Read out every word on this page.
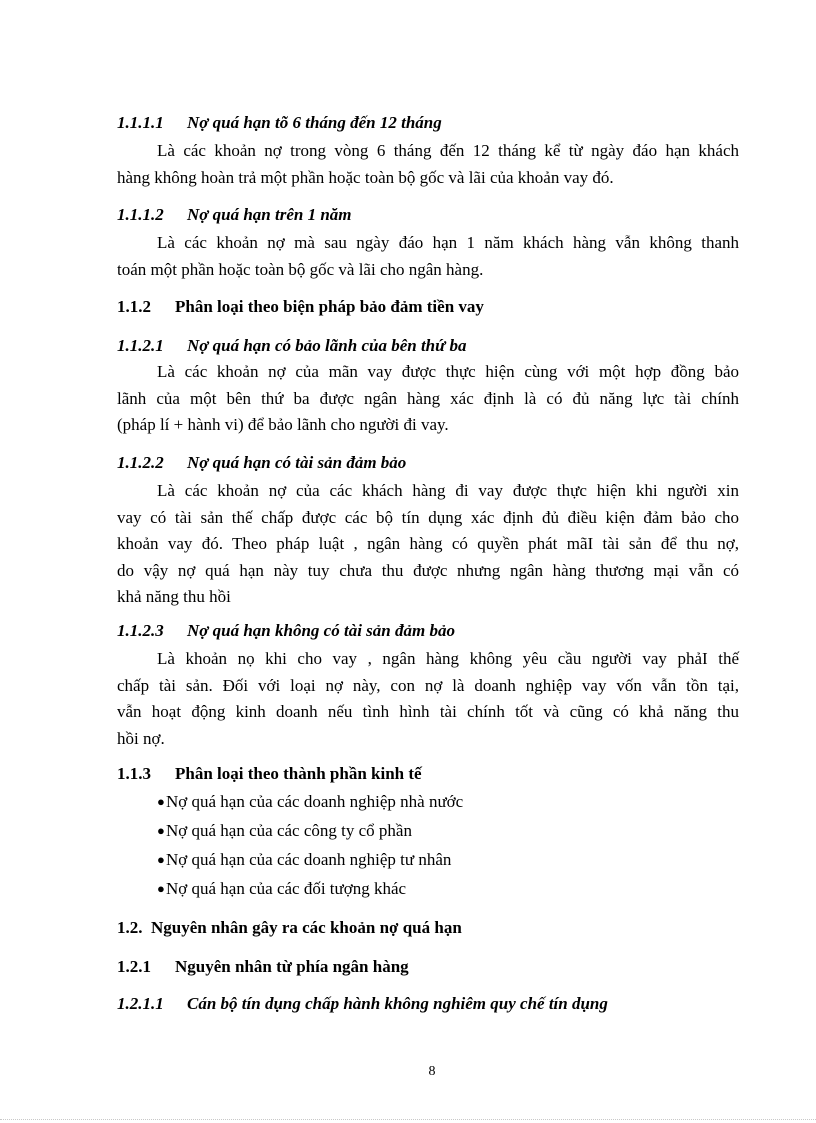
1.1.1.1 Nợ quá hạn tõ 6 tháng đến 12 tháng
Là các khoản nợ trong vòng 6 tháng đến 12 tháng kể từ ngày đáo hạn khách
hàng không hoàn trả một phần hoặc toàn bộ gốc và lãi của khoản vay đó.
1.1.1.2 Nợ quá hạn trên 1 năm
Là các khoản nợ mà sau ngày đáo hạn 1 năm khách hàng vẫn không thanh
toán một phần hoặc toàn bộ gốc và lãi cho ngân hàng.
1.1.2 Phân loại theo biện pháp bảo đảm tiền vay
1.1.2.1 Nợ quá hạn có bảo lãnh của bên thứ ba
Là các khoản nợ của mãn vay được thực hiện cùng với một hợp đồng bảo
lãnh của một bên thứ ba được ngân hàng xác định là có đủ năng lực tài chính
(pháp lí + hành vi) để bảo lãnh cho người đi vay.
1.1.2.2 Nợ quá hạn có tài sản đảm bảo
Là các khoản nợ của các khách hàng đi vay được thực hiện khi người xin
vay có tài sản thế chấp được các bộ tín dụng xác định đủ điều kiện đảm bảo cho
khoản vay đó. Theo pháp luật , ngân hàng có quyền phát mãI tài sản để thu nợ,
do vậy nợ quá hạn này tuy chưa thu được nhưng ngân hàng thương mại vẫn có
khả năng thu hồi
1.1.2.3 Nợ quá hạn không có tài sản đảm bảo
Là khoản nọ khi cho vay , ngân hàng không yêu cầu người vay phảI thế
chấp tài sản. Đối với loại nợ này, con nợ là doanh nghiệp vay vốn vẫn tồn tại,
vẫn hoạt động kinh doanh nếu tình hình tài chính tốt và cũng có khả năng thu
hồi nợ.
1.1.3 Phân loại theo thành phần kinh tế
●Nợ quá hạn của các doanh nghiệp nhà nước
●Nợ quá hạn của các công ty cổ phần
●Nợ quá hạn của các doanh nghiệp tư nhân
●Nợ quá hạn của các đối tượng khác
1.2. Nguyên nhân gây ra các khoản nợ quá hạn
1.2.1 Nguyên nhân từ phía ngân hàng
1.2.1.1 Cán bộ tín dụng chấp hành không nghiêm quy chế tín dụng
8
